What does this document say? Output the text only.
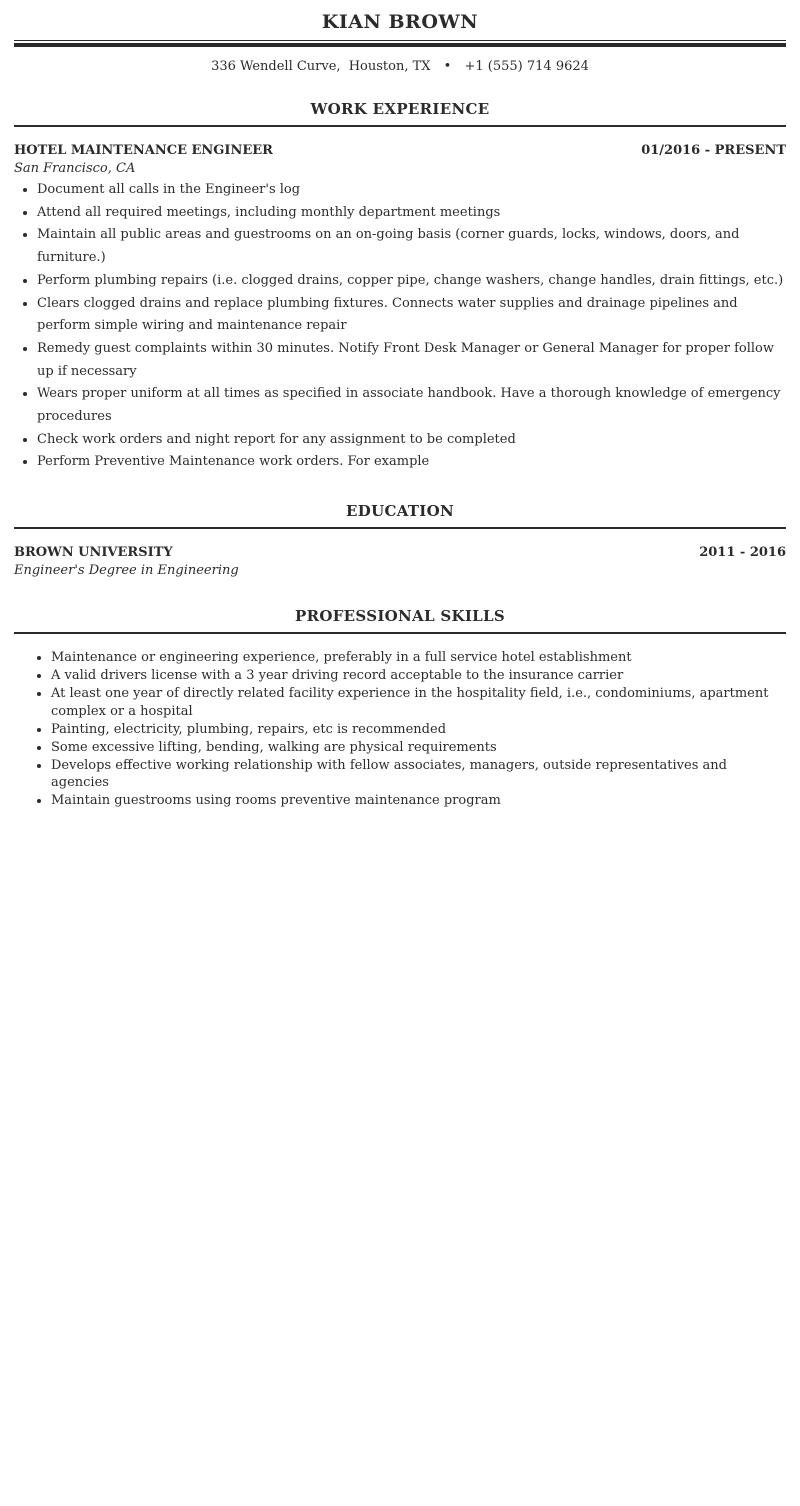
KIAN BROWN
336 Wendell Curve, Houston, TX • +1 (555) 714 9624
WORK EXPERIENCE
HOTEL MAINTENANCE ENGINEER	01/2016 - PRESENT
San Francisco, CA
• Document all calls in the Engineer's log
• Attend all required meetings, including monthly department meetings
• Maintain all public areas and guestrooms on an on-going basis (corner guards, locks, windows, doors, and furniture.)
• Perform plumbing repairs (i.e. clogged drains, copper pipe, change washers, change handles, drain fittings, etc.)
• Clears clogged drains and replace plumbing fixtures. Connects water supplies and drainage pipelines and perform simple wiring and maintenance repair
• Remedy guest complaints within 30 minutes. Notify Front Desk Manager or General Manager for proper follow up if necessary
• Wears proper uniform at all times as specified in associate handbook. Have a thorough knowledge of emergency procedures
• Check work orders and night report for any assignment to be completed
• Perform Preventive Maintenance work orders. For example
EDUCATION
BROWN UNIVERSITY	2011 - 2016
Engineer's Degree in Engineering
PROFESSIONAL SKILLS
• Maintenance or engineering experience, preferably in a full service hotel establishment
• A valid drivers license with a 3 year driving record acceptable to the insurance carrier
• At least one year of directly related facility experience in the hospitality field, i.e., condominiums, apartment complex or a hospital
• Painting, electricity, plumbing, repairs, etc is recommended
• Some excessive lifting, bending, walking are physical requirements
• Develops effective working relationship with fellow associates, managers, outside representatives and agencies
• Maintain guestrooms using rooms preventive maintenance program
